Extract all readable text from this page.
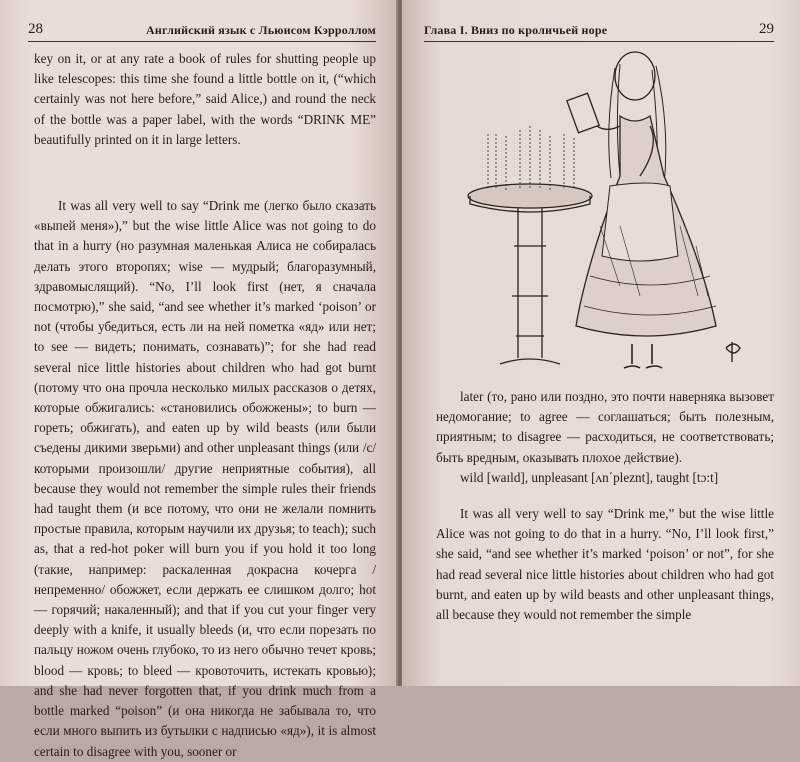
28	Английский язык с Льюисом Кэрроллом

key on it, or at any rate a book of rules for shutting people up like telescopes: this time she found a little bottle on it, (“which certainly was not here before,” said Alice,) and round the neck of the bottle was a paper label, with the words “DRINK ME” beautifully printed on it in large letters.

It was all very well to say “Drink me (легко было сказать «выпей меня»),” but the wise little Alice was not going to do that in a hurry (но разумная маленькая Алиса не собиралась делать этого второпях; wise — мудрый; благоразумный, здравомыслящий). “No, I’ll look first (нет, я сначала посмотрю),” she said, “and see whether it’s marked ‘poison’ or not (чтобы убедиться, есть ли на ней пометка «яд» или нет; to see — видеть; понимать, сознавать)”; for she had read several nice little histories about children who had got burnt (потому что она прочла несколько милых рассказов о детях, которые обжигались: «становились обожжены»; to burn — гореть; обжигать), and eaten up by wild beasts (или были съедены дикими зверьми) and other unpleasant things (или /с/ которыми произошли/ другие неприятные события), all because they would not remember the simple rules their friends had taught them (и все потому, что они не желали помнить простые правила, которым научили их друзья; to teach); such as, that a red-hot poker will burn you if you hold it too long (такие, например: раскаленная докрасна кочерга /непременно/ обожжет, если держать ее слишком долго; hot — горячий; накаленный); and that if you cut your finger very deeply with a knife, it usually bleeds (и, что если порезать по пальцу ножом очень глубоко, то из него обычно течет кровь; blood — кровь; to bleed — кровоточить, истекать кровью); and she had never forgotten that, if you drink much from a bottle marked “poison” (и она никогда не забывала то, что если много выпить из бутылки с надписью «яд»), it is almost certain to disagree with you, sooner or

Глава I. Вниз по кроличьей норе	29

later (то, рано или поздно, это почти наверняка вызовет недомогание; to agree — соглашаться; быть полезным, приятным; to disagree — расходиться, не соответствовать; быть вредным, оказывать плохое действие).

wild [waɪld], unpleasant [ʌn΄pleznt], taught [tɔ:t]

It was all very well to say “Drink me,” but the wise little Alice was not going to do that in a hurry. “No, I’ll look first,” she said, “and see whether it’s marked ‘poison’ or not”, for she had read several nice little histories about children who had got burnt, and eaten up by wild beasts and other unpleasant things, all because they would not remember the simple
